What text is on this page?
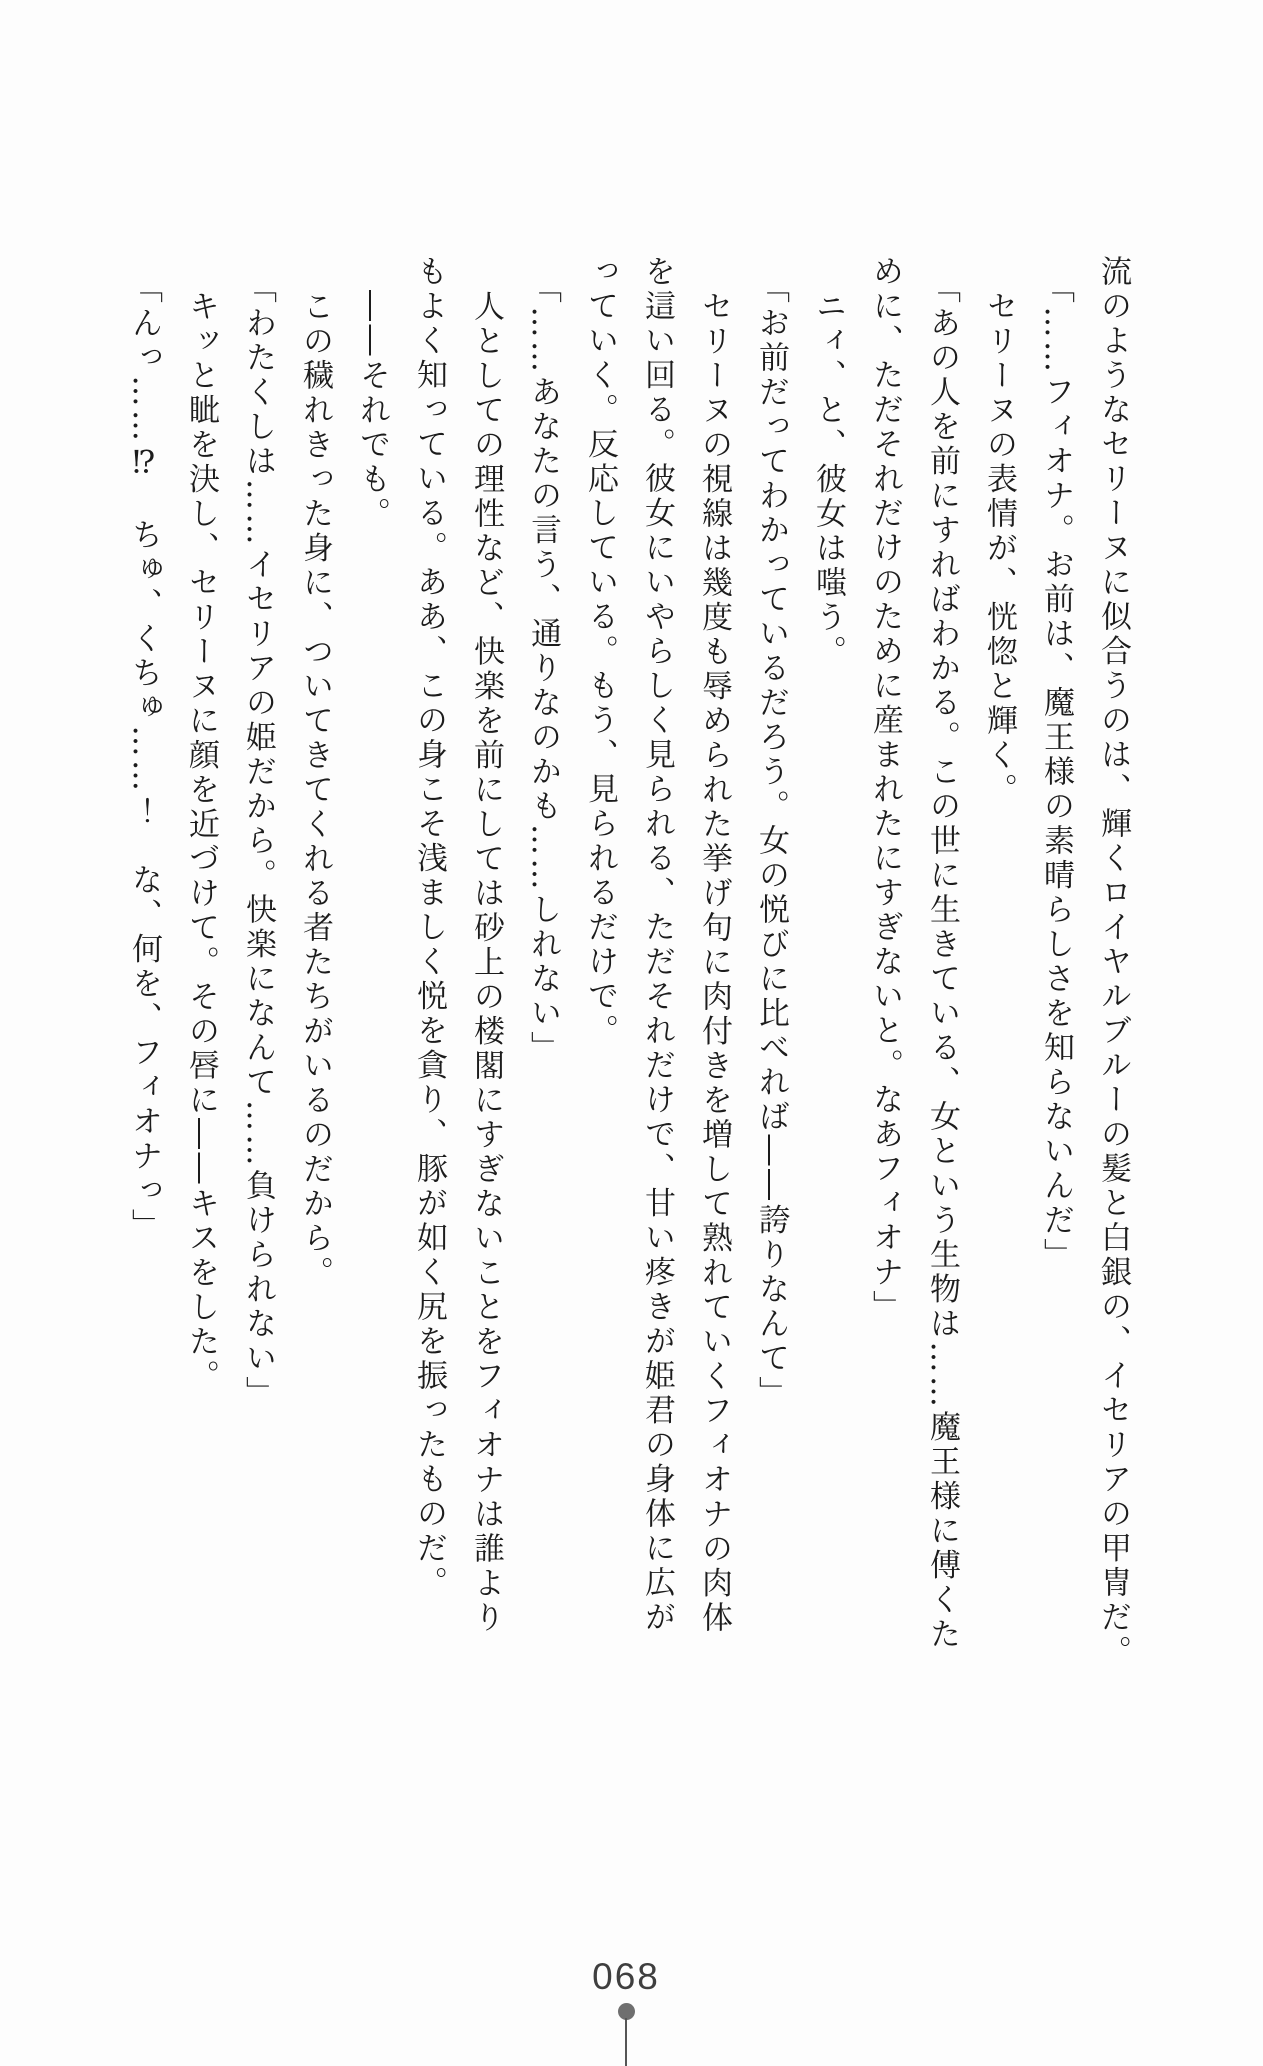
流のようなセリーヌに似合うのは、輝くロイヤルブルーの髪と白銀の、イセリアの甲冑だ。

「……フィオナ。お前は、魔王様の素晴らしさを知らないんだ」

セリーヌの表情が、恍惚と輝く。

「あの人を前にすればわかる。この世に生きている、女という生物は……魔王様に傅くた

めに、ただそれだけのために産まれたにすぎないと。なあフィオナ」

ニィ、と、彼女は嗤う。

「お前だってわかっているだろう。女の悦びに比べれば――誇りなんて」

セリーヌの視線は幾度も辱められた挙げ句に肉付きを増して熟れていくフィオナの肉体

を這い回る。彼女にいやらしく見られる、ただそれだけで、甘い疼きが姫君の身体に広が

っていく。反応している。もう、見られるだけで。

「……あなたの言う、通りなのかも……しれない」

人としての理性など、快楽を前にしては砂上の楼閣にすぎないことをフィオナは誰より

もよく知っている。ああ、この身こそ浅ましく悦を貪り、豚が如く尻を振ったものだ。

――それでも。

この穢れきった身に、ついてきてくれる者たちがいるのだから。

「わたくしは……イセリアの姫だから。快楽になんて……負けられない」

キッと眦を決し、セリーヌに顔を近づけて。その唇に――キスをした。

「んっ……⁉　ちゅ、くちゅ……！　な、何を、フィオナっ」

068
